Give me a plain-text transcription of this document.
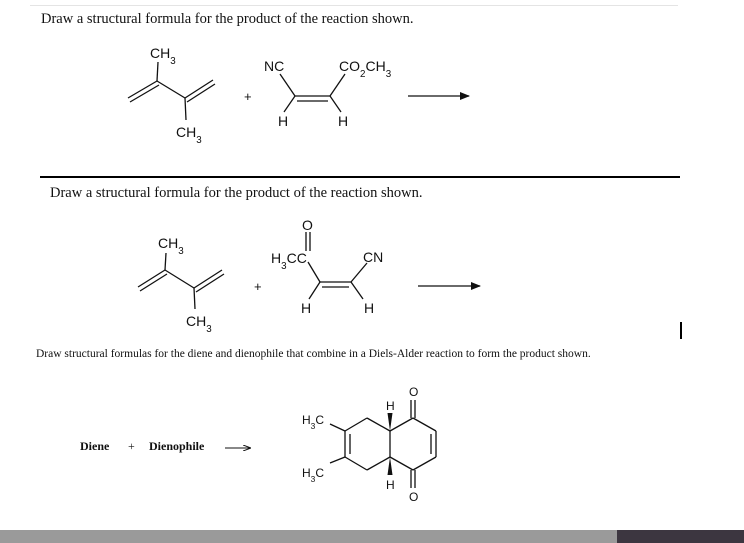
Draw a structural formula for the product of the reaction shown.
Draw a structural formula for the product of the reaction shown.
Draw structural formulas for the diene and dienophile that combine in a Diels-Alder reaction to form the product shown.
$CH_3$
$CH_3$
+
NC	$CO_2CH_3$
H	H
$CH_3$
$CH_3$
+
O
$H_3CC$	CN
H	H
$H_3C$
$H_3C$
H
H
O
O
Diene + Dienophile
